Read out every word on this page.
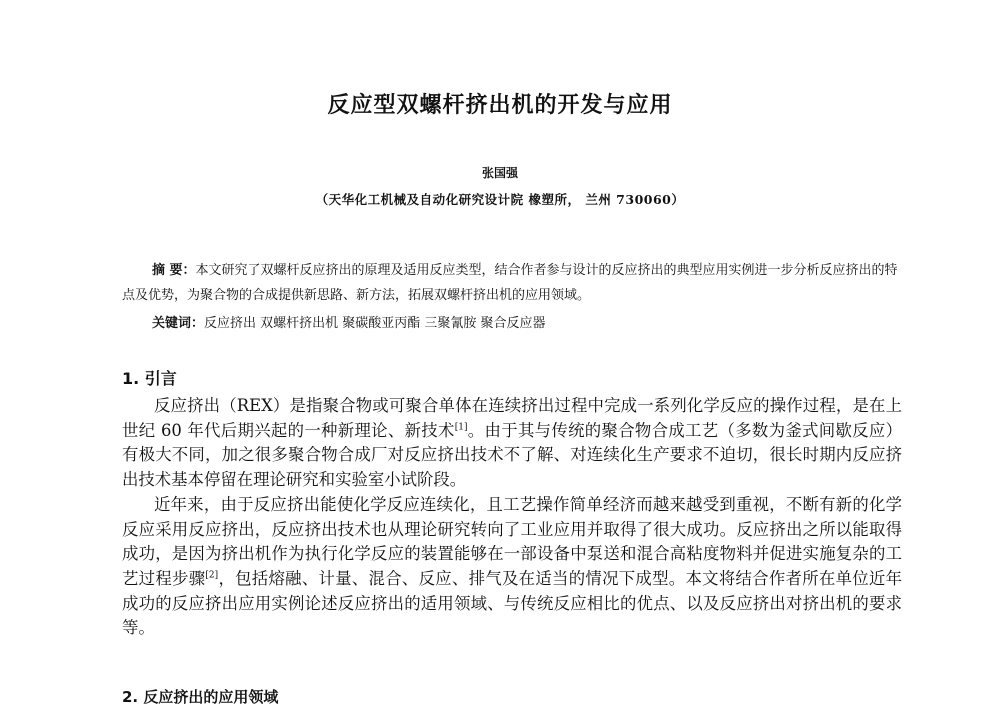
反应型双螺杆挤出机的开发与应用
张国强
（天华化工机械及自动化研究设计院 橡塑所， 兰州 730060）
摘 要：本文研究了双螺杆反应挤出的原理及适用反应类型，结合作者参与设计的反应挤出的典型应用实例进一步分析反应挤出的特点及优势，为聚合物的合成提供新思路、新方法，拓展双螺杆挤出机的应用领域。
关键词：反应挤出 双螺杆挤出机 聚碳酸亚丙酯 三聚氰胺 聚合反应器
1. 引言

反应挤出（REX）是指聚合物或可聚合单体在连续挤出过程中完成一系列化学反应的操作过程，是在上世纪 60 年代后期兴起的一种新理论、新技术[1]。由于其与传统的聚合物合成工艺（多数为釜式间歇反应）有极大不同，加之很多聚合物合成厂对反应挤出技术不了解、对连续化生产要求不迫切，很长时期内反应挤出技术基本停留在理论研究和实验室小试阶段。

近年来，由于反应挤出能使化学反应连续化，且工艺操作简单经济而越来越受到重视，不断有新的化学反应采用反应挤出，反应挤出技术也从理论研究转向了工业应用并取得了很大成功。反应挤出之所以能取得成功，是因为挤出机作为执行化学反应的装置能够在一部设备中泵送和混合高粘度物料并促进实施复杂的工艺过程步骤[2]，包括熔融、计量、混合、反应、排气及在适当的情况下成型。本文将结合作者所在单位近年成功的反应挤出应用实例论述反应挤出的适用领域、与传统反应相比的优点、以及反应挤出对挤出机的要求等。

2. 反应挤出的应用领域
